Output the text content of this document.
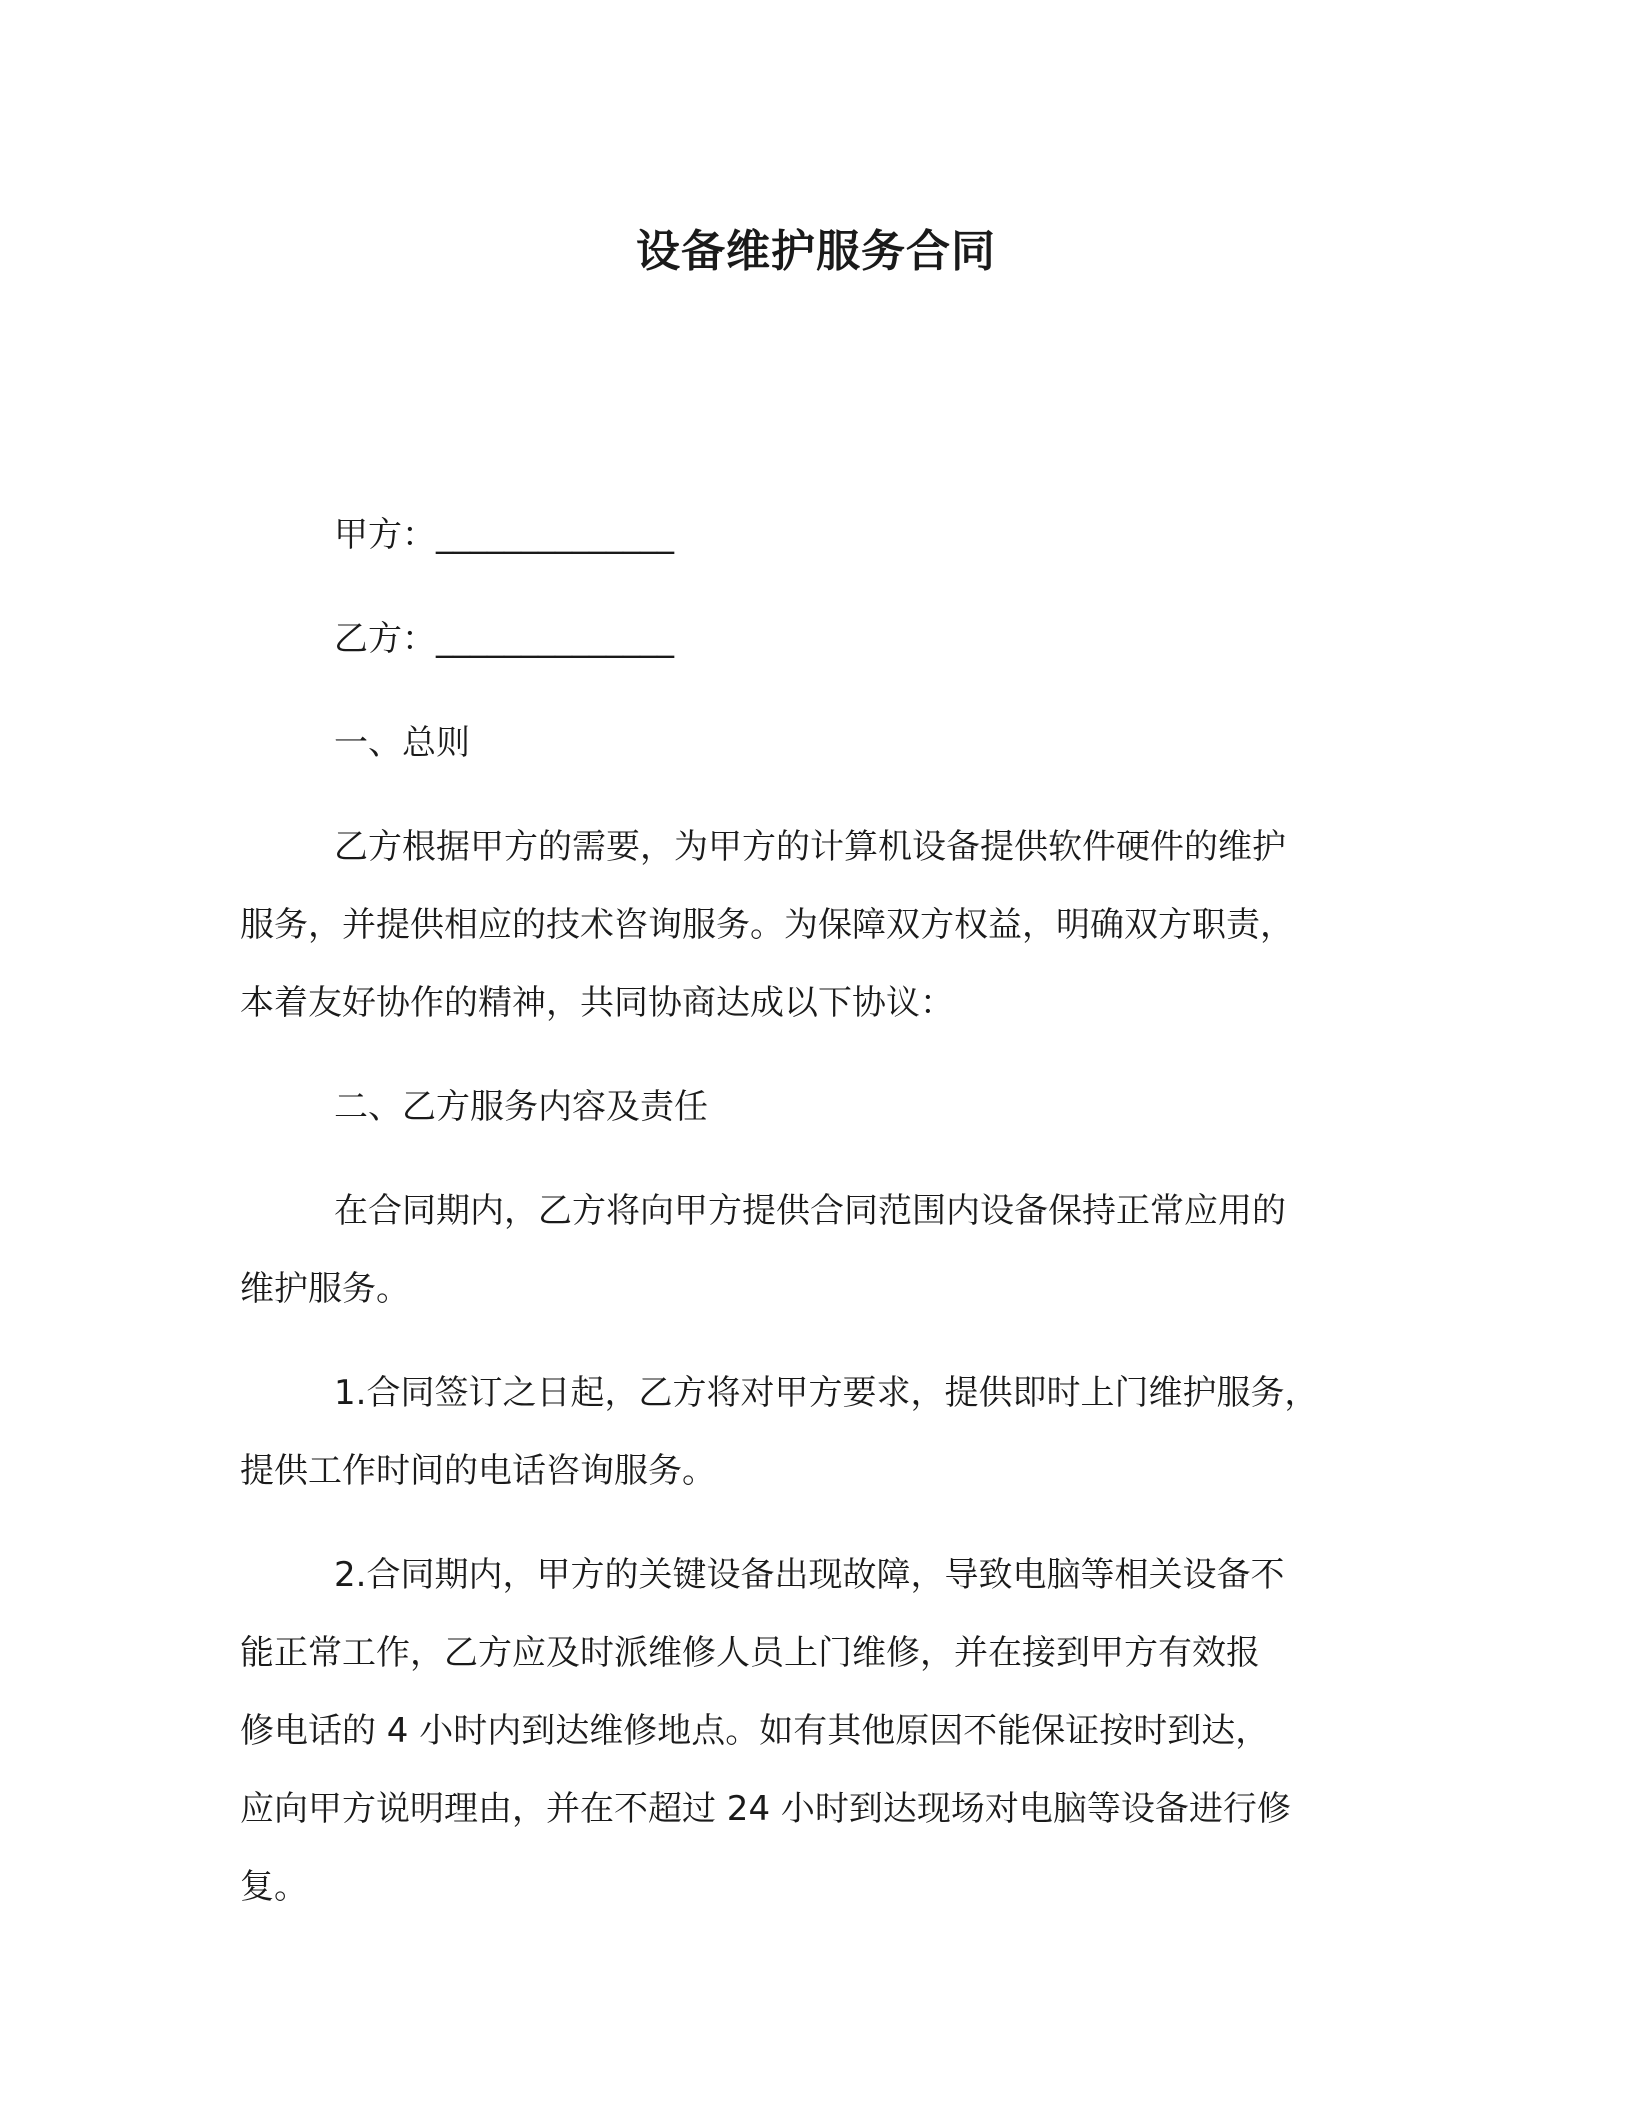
设备维护服务合同

甲方：______________

乙方：______________

一、总则

乙方根据甲方的需要，为甲方的计算机设备提供软件硬件的维护

服务，并提供相应的技术咨询服务。为保障双方权益，明确双方职责，

本着友好协作的精神，共同协商达成以下协议：

二、乙方服务内容及责任

在合同期内，乙方将向甲方提供合同范围内设备保持正常应用的

维护服务。

1.合同签订之日起，乙方将对甲方要求，提供即时上门维护服务，

提供工作时间的电话咨询服务。

2.合同期内，甲方的关键设备出现故障，导致电脑等相关设备不

能正常工作，乙方应及时派维修人员上门维修，并在接到甲方有效报

修电话的 4 小时内到达维修地点。如有其他原因不能保证按时到达，

应向甲方说明理由，并在不超过 24 小时到达现场对电脑等设备进行修

复。
